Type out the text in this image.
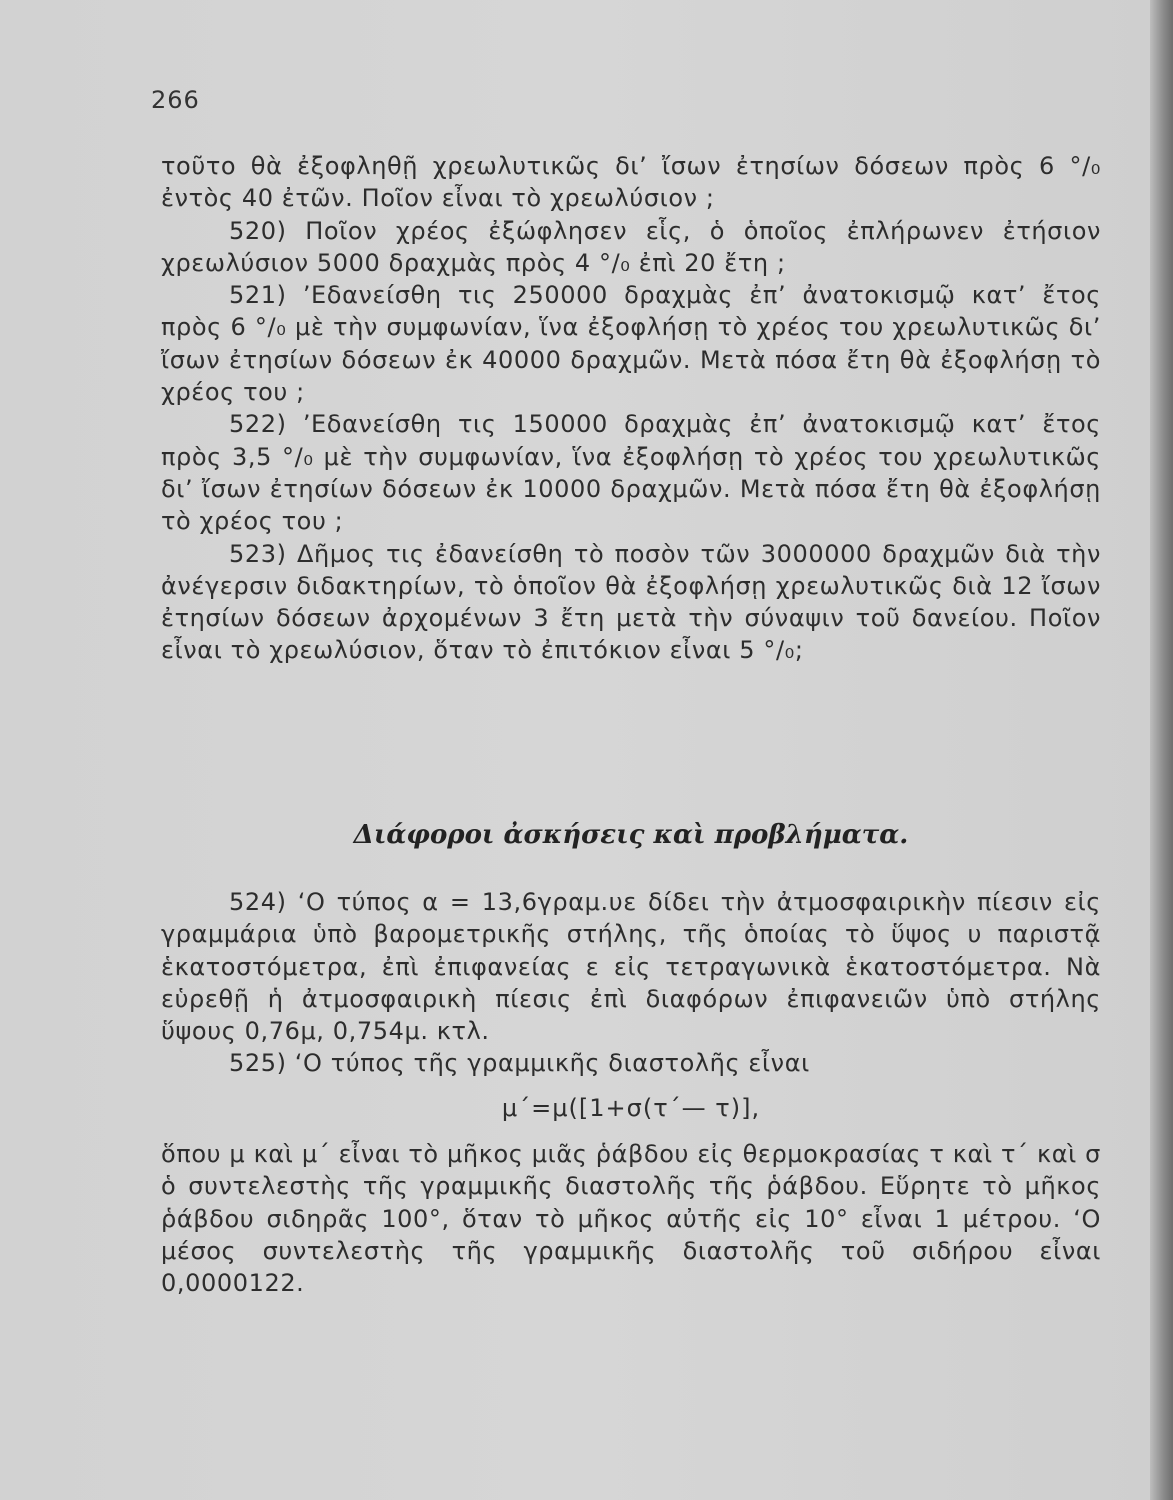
266

τοῦτο θὰ ἐξοφληθῇ χρεωλυτικῶς δι’ ἴσων ἐτησίων δόσεων πρὸς 6 °/₀ ἐντὸς 40 ἐτῶν. Ποῖον εἶναι τὸ χρεωλύσιον ;

520) Ποῖον χρέος ἐξώφλησεν εἷς, ὁ ὁποῖος ἐπλήρωνεν ἐτήσιον χρεωλύσιον 5000 δραχμὰς πρὸς 4 °/₀ ἐπὶ 20 ἔτη ;

521) ’Εδανείσθη τις 250000 δραχμὰς ἐπ’ ἀνατοκισμῷ κατ’ ἔτος πρὸς 6 °/₀ μὲ τὴν συμφωνίαν, ἵνα ἐξοφλήσῃ τὸ χρέος του χρεωλυτικῶς δι’ ἴσων ἐτησίων δόσεων ἐκ 40000 δραχμῶν. Μετὰ πόσα ἔτη θὰ ἐξοφλήσῃ τὸ χρέος του ;

522) ’Εδανείσθη τις 150000 δραχμὰς ἐπ’ ἀνατοκισμῷ κατ’ ἔτος πρὸς 3,5 °/₀ μὲ τὴν συμφωνίαν, ἵνα ἐξοφλήσῃ τὸ χρέος του χρεωλυτικῶς δι’ ἴσων ἐτησίων δόσεων ἐκ 10000 δραχμῶν. Μετὰ πόσα ἔτη θὰ ἐξοφλήσῃ τὸ χρέος του ;

523) Δῆμος τις ἐδανείσθη τὸ ποσὸν τῶν 3000000 δραχμῶν διὰ τὴν ἀνέγερσιν διδακτηρίων, τὸ ὁποῖον θὰ ἐξοφλήσῃ χρεωλυτικῶς διὰ 12 ἴσων ἐτησίων δόσεων ἀρχομένων 3 ἔτη μετὰ τὴν σύναψιν τοῦ δανείου. Ποῖον εἶναι τὸ χρεωλύσιον, ὅταν τὸ ἐπιτόκιον εἶναι 5 °/₀;

Διάφοροι ἀσκήσεις καὶ προβλήματα.

524) ‘Ο τύπος α = 13,6γραμ.υε δίδει τὴν ἀτμοσφαιρικὴν πίεσιν εἰς γραμμάρια ὑπὸ βαρομετρικῆς στήλης, τῆς ὁποίας τὸ ὕψος υ παριστᾷ ἑκατοστόμετρα, ἐπὶ ἐπιφανείας ε εἰς τετραγωνικὰ ἑκατοστόμετρα. Νὰ εὑρεθῇ ἡ ἀτμοσφαιρικὴ πίεσις ἐπὶ διαφόρων ἐπιφανειῶν ὑπὸ στήλης ὕψους 0,76μ, 0,754μ. κτλ.

525) ‘Ο τύπος τῆς γραμμικῆς διαστολῆς εἶναι

μ΄=μ([1+σ(τ΄— τ)],

ὅπου μ καὶ μ΄ εἶναι τὸ μῆκος μιᾶς ῥάβδου εἰς θερμοκρασίας τ καὶ τ΄ καὶ σ ὁ συντελεστὴς τῆς γραμμικῆς διαστολῆς τῆς ῥάβδου. Εὕρητε τὸ μῆκος ῥάβδου σιδηρᾶς 100°, ὅταν τὸ μῆκος αὐτῆς εἰς 10° εἶναι 1 μέτρου. ‘Ο μέσος συντελεστὴς τῆς γραμμικῆς διαστολῆς τοῦ σιδήρου εἶναι 0,0000122.
